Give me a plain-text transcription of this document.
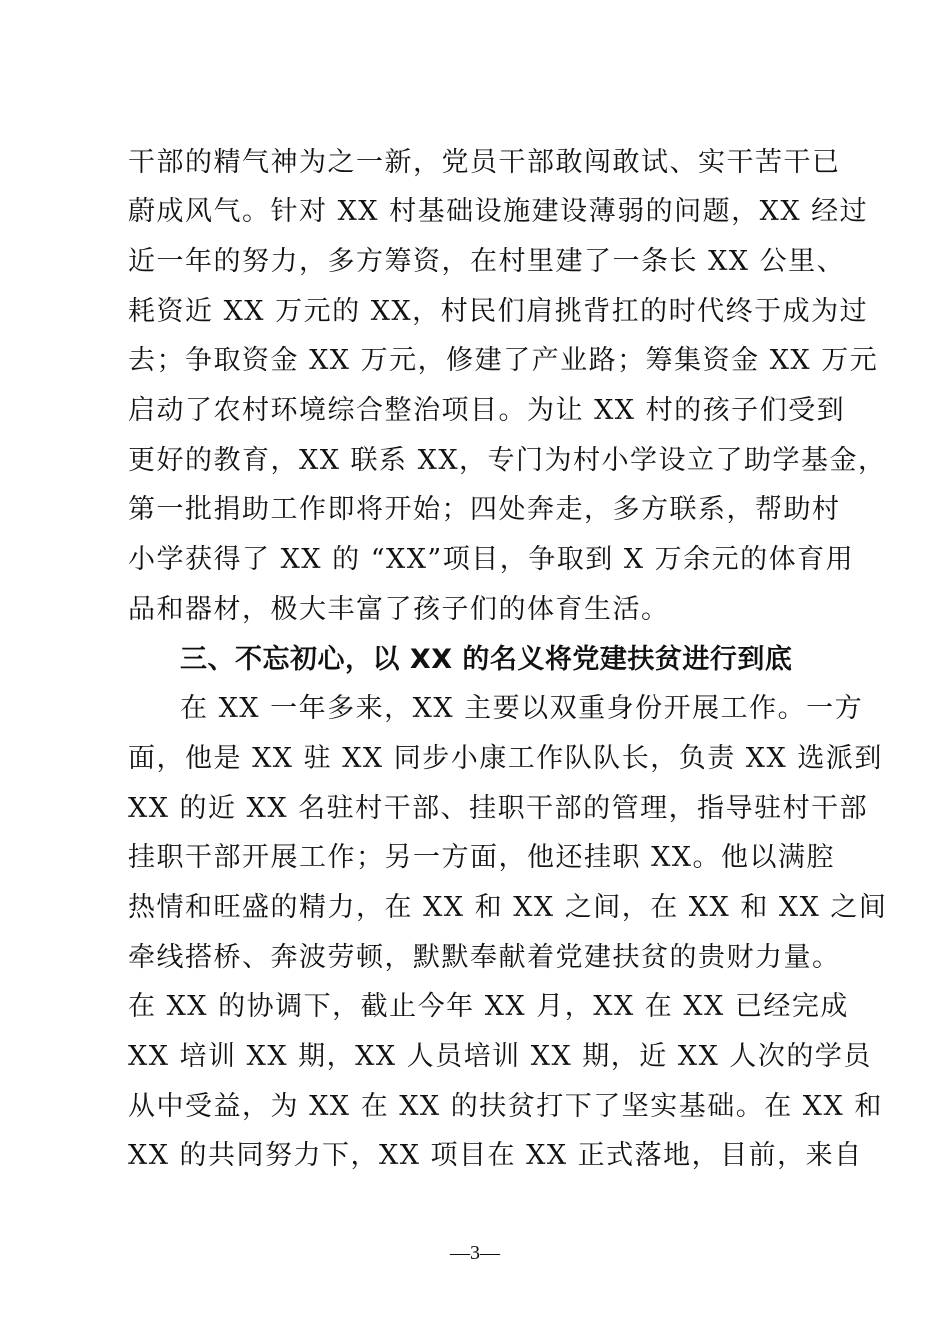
干部的精气神为之一新，党员干部敢闯敢试、实干苦干已
蔚成风气。针对 XX 村基础设施建设薄弱的问题，XX 经过
近一年的努力，多方筹资，在村里建了一条长 XX 公里、
耗资近 XX 万元的 XX，村民们肩挑背扛的时代终于成为过
去；争取资金 XX 万元，修建了产业路；筹集资金 XX 万元
启动了农村环境综合整治项目。为让 XX 村的孩子们受到
更好的教育，XX 联系 XX，专门为村小学设立了助学基金，
第一批捐助工作即将开始；四处奔走，多方联系，帮助村
小学获得了 XX 的 “XX”项目，争取到 X 万余元的体育用
品和器材，极大丰富了孩子们的体育生活。
三、不忘初心，以 XX 的名义将党建扶贫进行到底
在 XX 一年多来，XX 主要以双重身份开展工作。一方
面，他是 XX 驻 XX 同步小康工作队队长，负责 XX 选派到
XX 的近 XX 名驻村干部、挂职干部的管理，指导驻村干部
挂职干部开展工作；另一方面，他还挂职 XX。他以满腔
热情和旺盛的精力，在 XX 和 XX 之间，在 XX 和 XX 之间
牵线搭桥、奔波劳顿，默默奉献着党建扶贫的贵财力量。
在 XX 的协调下，截止今年 XX 月，XX 在 XX 已经完成
XX 培训 XX 期，XX 人员培训 XX 期，近 XX 人次的学员
从中受益，为 XX 在 XX 的扶贫打下了坚实基础。在 XX 和
XX 的共同努力下，XX 项目在 XX 正式落地，目前，来自
—3—
